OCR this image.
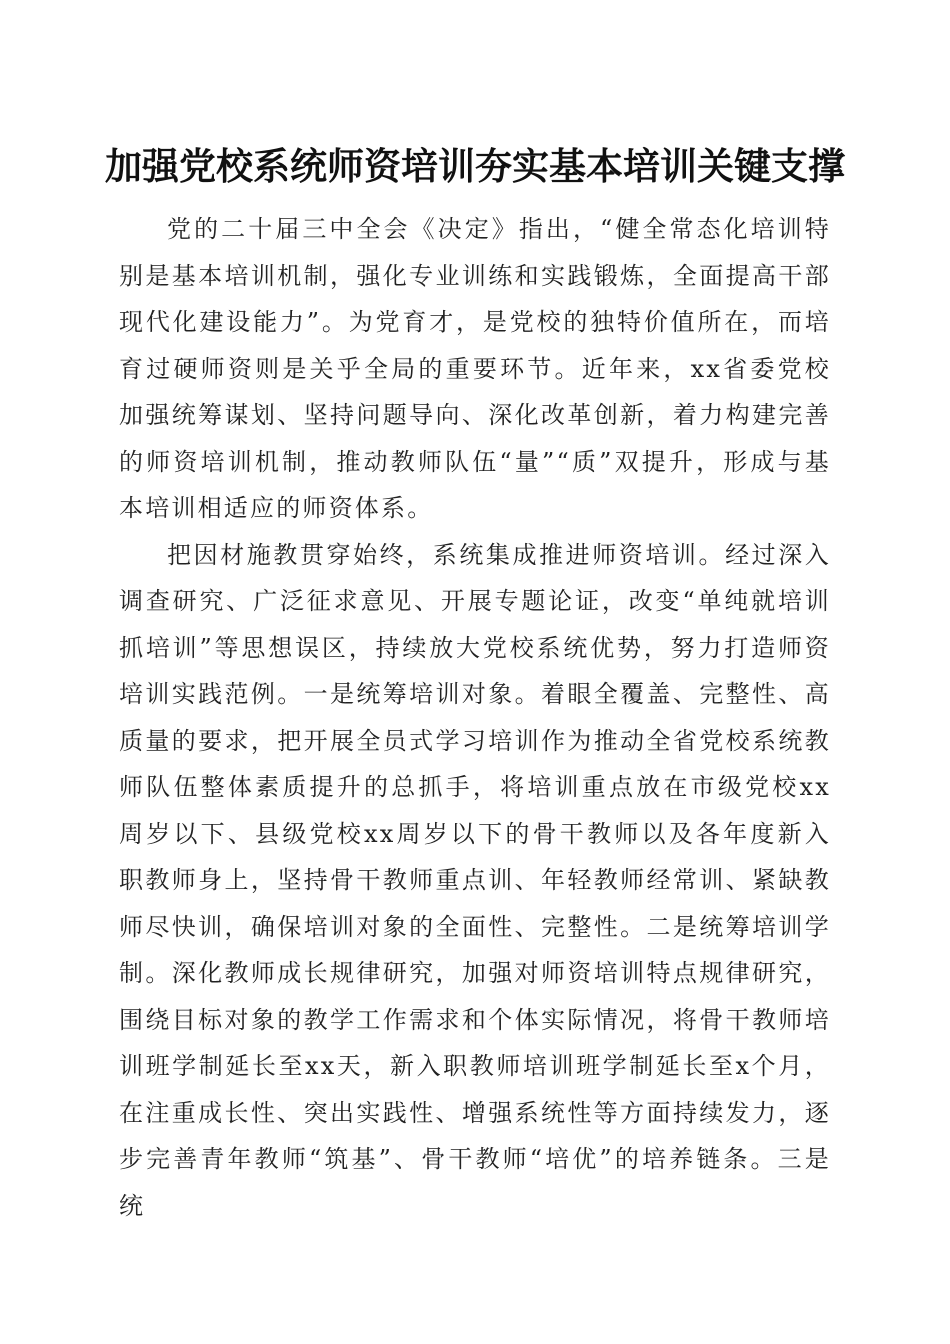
加强党校系统师资培训夯实基本培训关键支撑

党的二十届三中全会《决定》指出，“健全常态化培训特别是基本培训机制，强化专业训练和实践锻炼，全面提高干部现代化建设能力”。为党育才，是党校的独特价值所在，而培育过硬师资则是关乎全局的重要环节。近年来，xx省委党校加强统筹谋划、坚持问题导向、深化改革创新，着力构建完善的师资培训机制，推动教师队伍“量”“质”双提升，形成与基本培训相适应的师资体系。

把因材施教贯穿始终，系统集成推进师资培训。经过深入调查研究、广泛征求意见、开展专题论证，改变“单纯就培训抓培训”等思想误区，持续放大党校系统优势，努力打造师资培训实践范例。一是统筹培训对象。着眼全覆盖、完整性、高质量的要求，把开展全员式学习培训作为推动全省党校系统教师队伍整体素质提升的总抓手，将培训重点放在市级党校xx周岁以下、县级党校xx周岁以下的骨干教师以及各年度新入职教师身上，坚持骨干教师重点训、年轻教师经常训、紧缺教师尽快训，确保培训对象的全面性、完整性。二是统筹培训学制。深化教师成长规律研究，加强对师资培训特点规律研究，围绕目标对象的教学工作需求和个体实际情况，将骨干教师培训班学制延长至xx天，新入职教师培训班学制延长至x个月，在注重成长性、突出实践性、增强系统性等方面持续发力，逐步完善青年教师“筑基”、骨干教师“培优”的培养链条。三是统
